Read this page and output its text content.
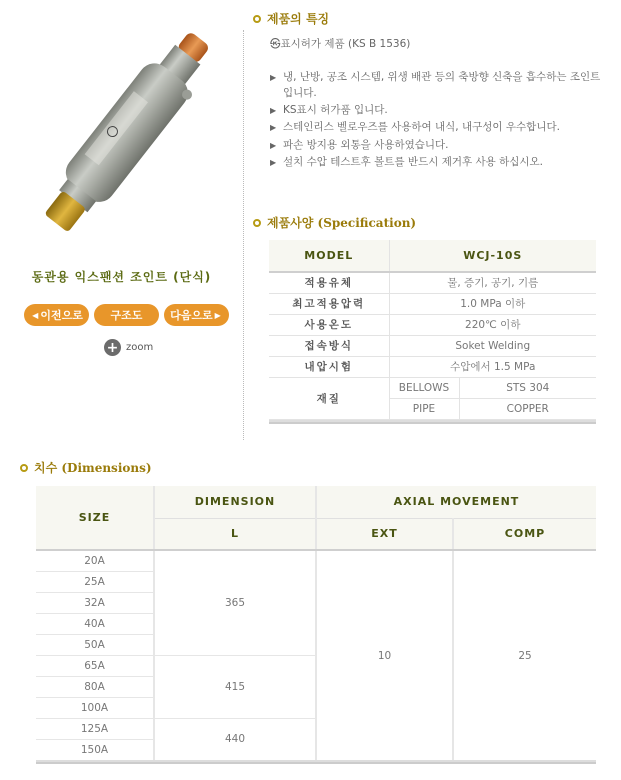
동관용 익스팬션 조인트 (단식)
◀ 이전으로	구조도	다음으로 ▶
+ zoom
제품의 특징
㉿표시허가 제품 (KS B 1536)
▶ 냉, 난방, 공조 시스템, 위생 배관 등의 축방향 신축을 흡수하는 조인트 입니다.
▶ KS표시 허가품 입니다.
▶ 스테인리스 벨로우즈를 사용하여 내식, 내구성이 우수합니다.
▶ 파손 방지용 외통을 사용하였습니다.
▶ 설치 수압 테스트후 볼트를 반드시 제거후 사용 하십시오.
제품사양 (Specification)
MODEL	WCJ-10S	
적용유체	물, 증기, 공기, 기름	
최고적용압력	1.0 MPa 이하	
사용온도	220℃ 이하	
접속방식	Soket Welding	
내압시험	수압에서 1.5 MPa	
재질	BELLOWS	STS 304
	PIPE	COPPER
치수 (Dimensions)
SIZE	DIMENSION	AXIAL MOVEMENT	
	L	EXT	COMP
20A	365	10	25
25A			
32A			
40A			
50A			
65A	415		
80A			
100A			
125A	440		
150A			
